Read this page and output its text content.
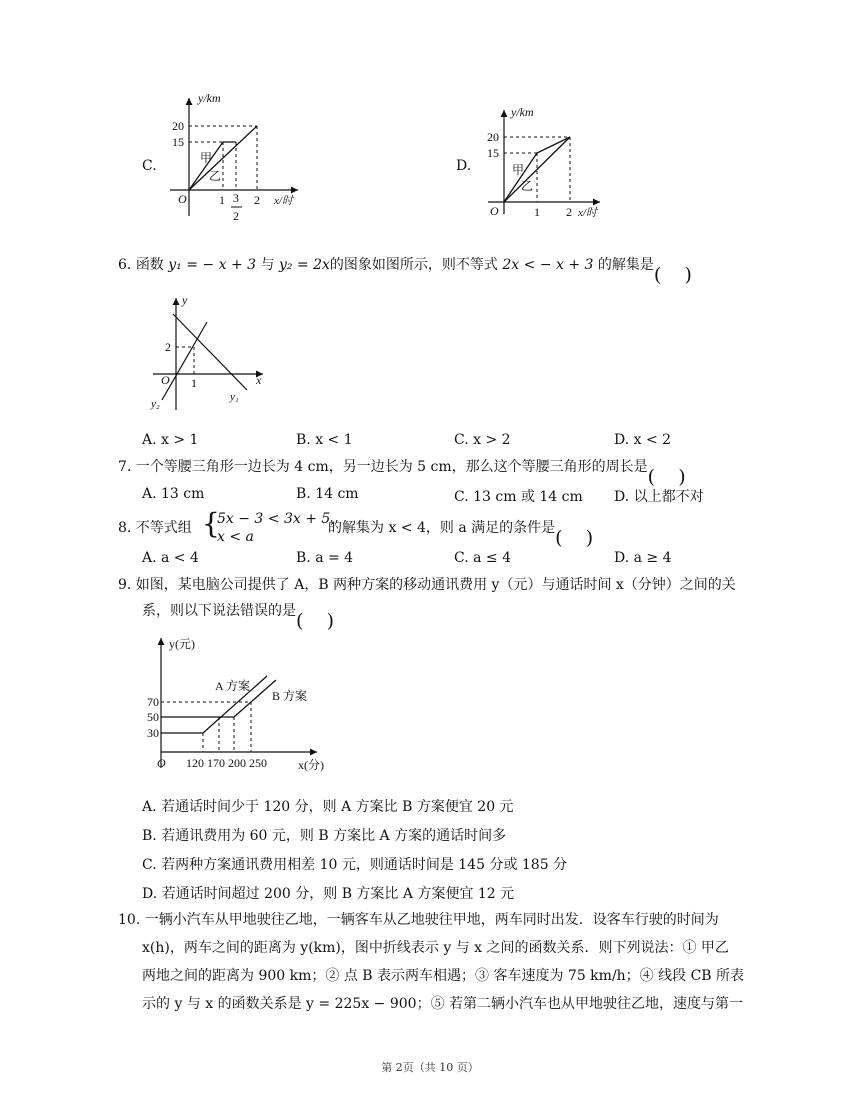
C.
y/km
x/时
O
20
15
1 3
2
2
甲
乙
D.
y/km
x/时
O
20
15
1 2
甲
乙
6. 函数 y₁ = − x + 3 与 y₂ = 2x的图象如图所示，则不等式 2x < − x + 3 的解集是
y
x
O
2
1
y₁
y₂
A. x > 1	B. x < 1	C. x > 2	D. x < 2
7. 一个等腰三角形一边长为 4 cm，另一边长为 5 cm，那么这个等腰三角形的周长是
A. 13 cm	B. 14 cm	C. 13 cm 或 14 cm D. 以上都不对
8. 不等式组 {
5x − 3 < 3x + 5,
x < a
的解集为 x < 4，则 a 满足的条件是
A. a < 4	B. a = 4	C. a ≤ 4	D. a ≥ 4
9. 如图，某电脑公司提供了 A，B 两种方案的移动通讯费用 y（元）与通话时间 x（分钟）之间的关
系，则以下说法错误的是
y(元)
x(分)
O
A 方案
B 方案
70
50
30
120 170 200 250
A. 若通话时间少于 120 分，则 A 方案比 B 方案便宜 20 元
B. 若通讯费用为 60 元，则 B 方案比 A 方案的通话时间多
C. 若两种方案通讯费用相差 10 元，则通话时间是 145 分或 185 分
D. 若通话时间超过 200 分，则 B 方案比 A 方案便宜 12 元
10. 一辆小汽车从甲地驶往乙地，一辆客车从乙地驶往甲地，两车同时出发．设客车行驶的时间为
x(h)，两车之间的距离为 y(km)，图中折线表示 y 与 x 之间的函数关系．则下列说法：① 甲乙
两地之间的距离为 900 km；② 点 B 表示两车相遇；③ 客车速度为 75 km/h；④ 线段 CB 所表
示的 y 与 x 的函数关系是 y = 225x − 900；⑤ 若第二辆小汽车也从甲地驶往乙地，速度与第一
第 2页（共 10 页）
